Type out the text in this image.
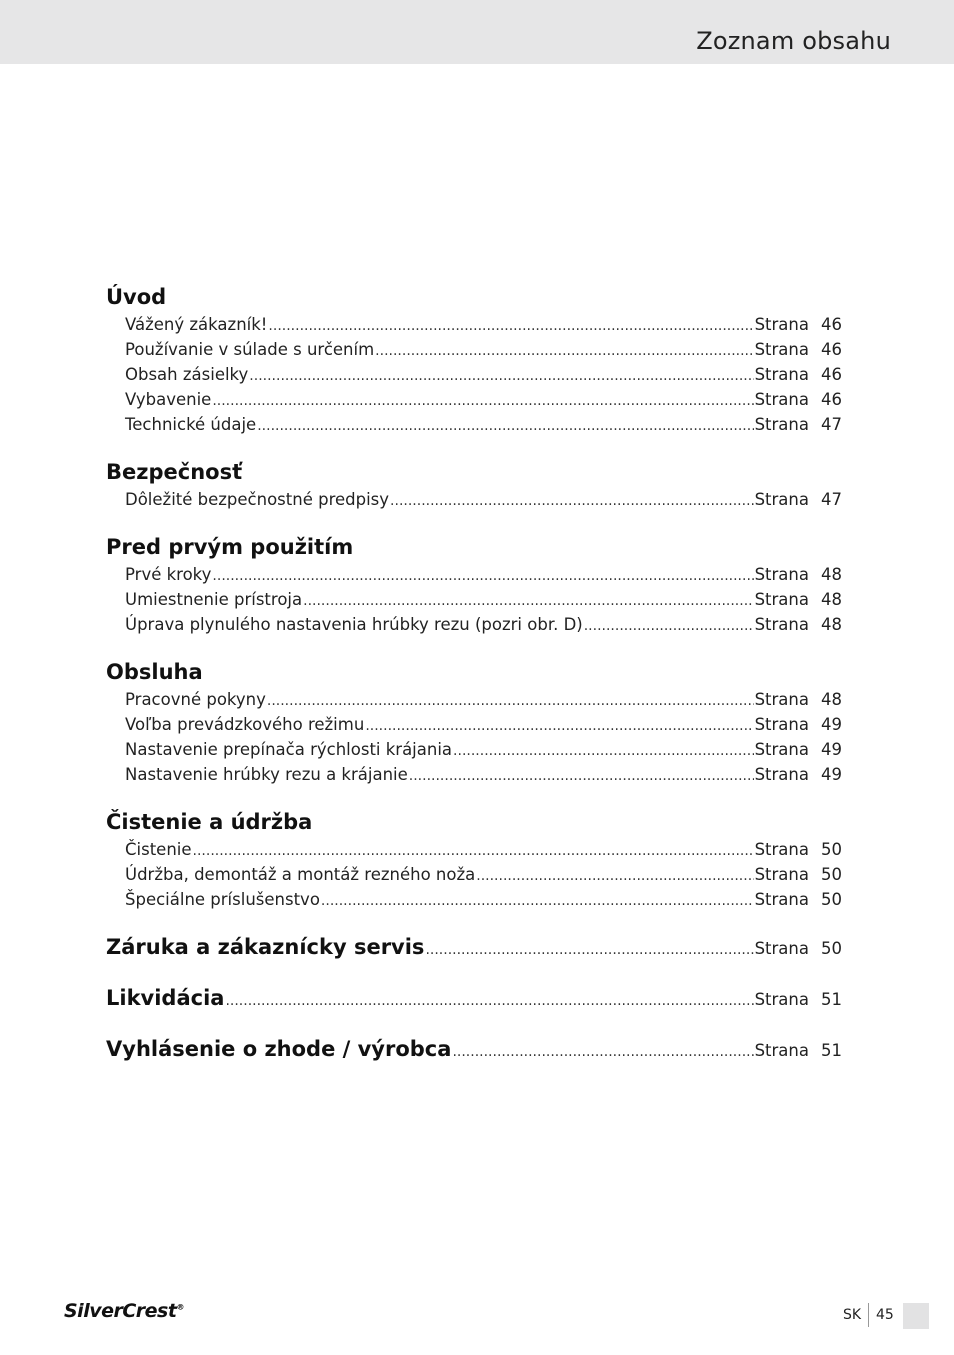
Zoznam obsahu
Úvod
Vážený zákazník! .....	Strana 46
Používanie v súlade s určením .....	Strana 46
Obsah zásielky .....	Strana 46
Vybavenie .....	Strana 46
Technické údaje .....	Strana 47
Bezpečnosť
Dôležité bezpečnostné predpisy .....	Strana 47
Pred prvým použitím
Prvé kroky .....	Strana 48
Umiestnenie prístroja .....	Strana 48
Úprava plynulého nastavenia hrúbky rezu (pozri obr. D) .....	Strana 48
Obsluha
Pracovné pokyny .....	Strana 48
Voľba prevádzkového režimu .....	Strana 49
Nastavenie prepínača rýchlosti krájania .....	Strana 49
Nastavenie hrúbky rezu a krájanie .....	Strana 49
Čistenie a údržba
Čistenie .....	Strana 50
Údržba, demontáž a montáž rezného noža .....	Strana 50
Špeciálne príslušenstvo .....	Strana 50
Záruka a zákaznícky servis .....	Strana 50
Likvidácia .....	Strana 51
Vyhlásenie o zhode / výrobca .....	Strana 51
SilverCrest®	SK 45
